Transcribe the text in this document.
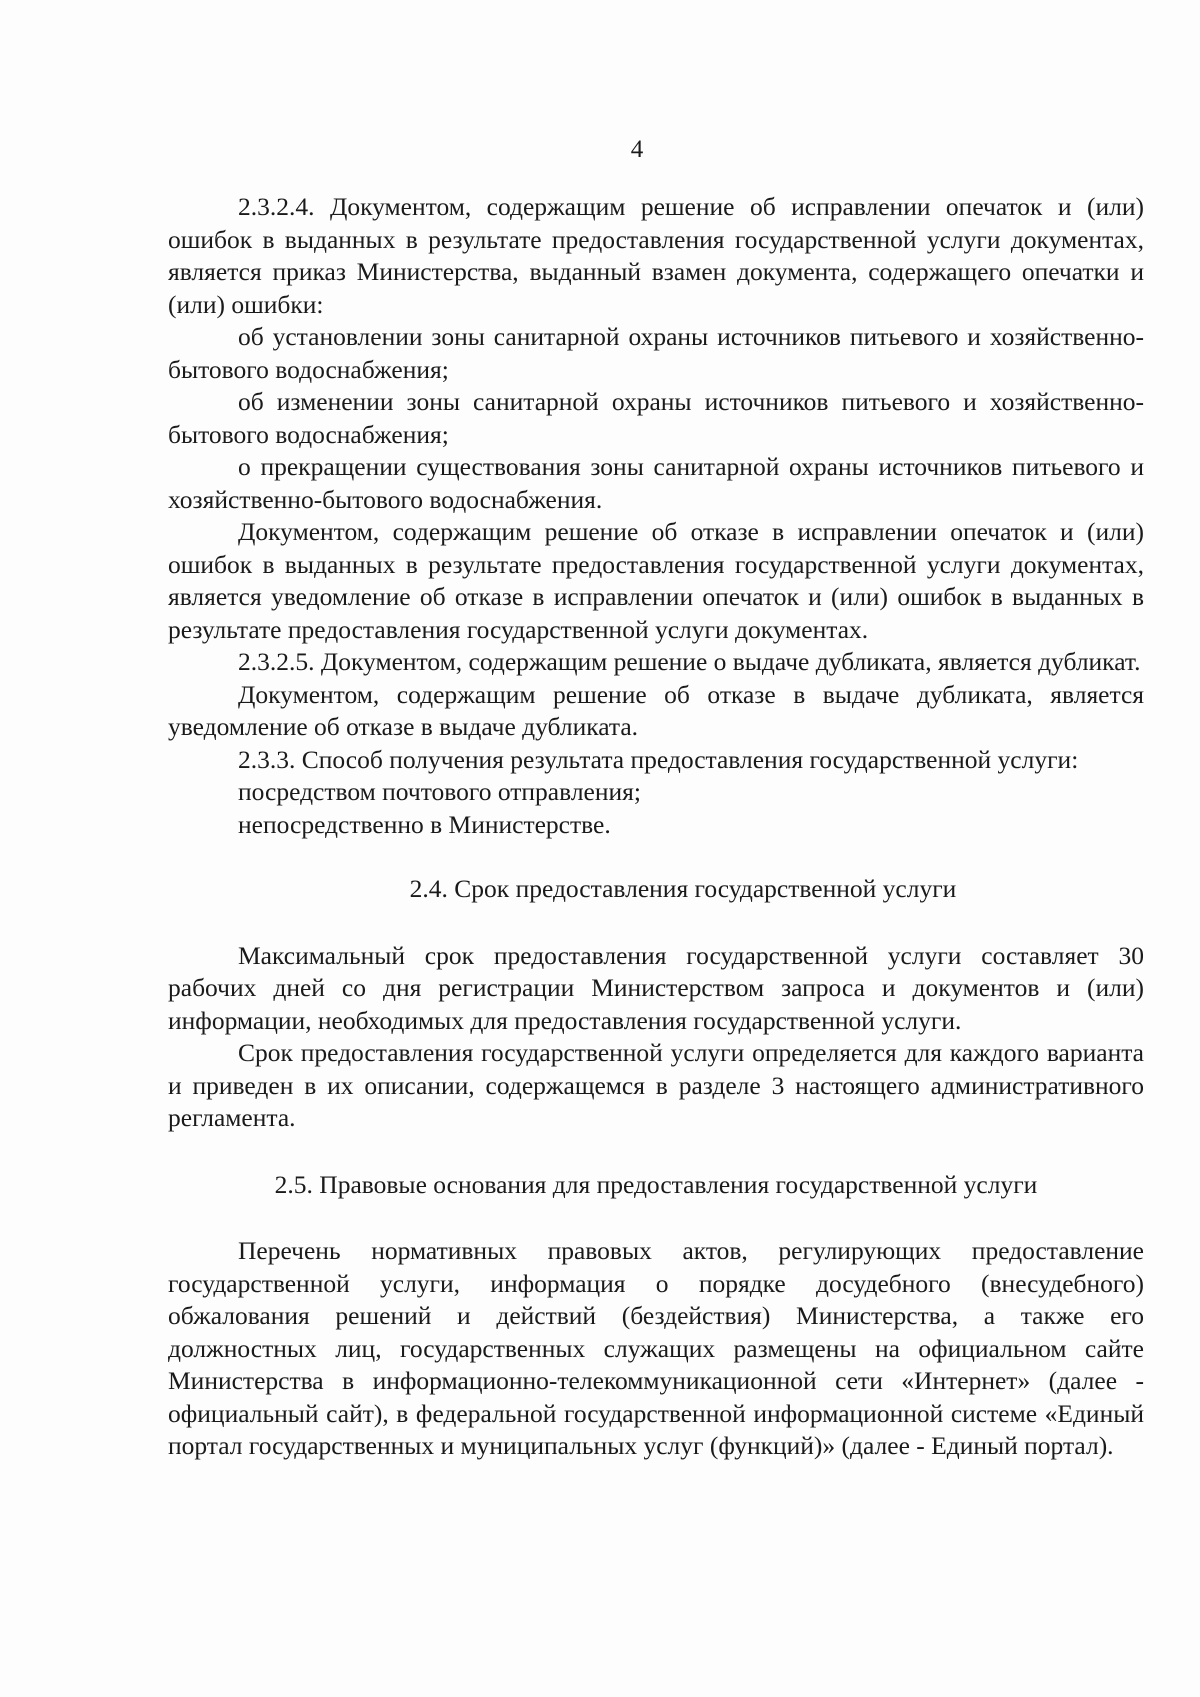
4

2.3.2.4. Документом, содержащим решение об исправлении опечаток и (или) ошибок в выданных в результате предоставления государственной услуги документах, является приказ Министерства, выданный взамен документа, содержащего опечатки и (или) ошибки:

об установлении зоны санитарной охраны источников питьевого и хозяйственно-бытового водоснабжения;

об изменении зоны санитарной охраны источников питьевого и хозяйственно-бытового водоснабжения;

о прекращении существования зоны санитарной охраны источников питьевого и хозяйственно-бытового водоснабжения.

Документом, содержащим решение об отказе в исправлении опечаток и (или) ошибок в выданных в результате предоставления государственной услуги документах, является уведомление об отказе в исправлении опечаток и (или) ошибок в выданных в результате предоставления государственной услуги документах.

2.3.2.5. Документом, содержащим решение о выдаче дубликата, является дубликат.

Документом, содержащим решение об отказе в выдаче дубликата, является уведомление об отказе в выдаче дубликата.

2.3.3. Способ получения результата предоставления государственной услуги:

посредством почтового отправления;

непосредственно в Министерстве.

2.4. Срок предоставления государственной услуги

Максимальный срок предоставления государственной услуги составляет 30 рабочих дней со дня регистрации Министерством запроса и документов и (или) информации, необходимых для предоставления государственной услуги.

Срок предоставления государственной услуги определяется для каждого варианта и приведен в их описании, содержащемся в разделе 3 настоящего административного регламента.

2.5. Правовые основания для предоставления государственной услуги

Перечень нормативных правовых актов, регулирующих предоставление государственной услуги, информация о порядке досудебного (внесудебного) обжалования решений и действий (бездействия) Министерства, а также его должностных лиц, государственных служащих размещены на официальном сайте Министерства в информационно-телекоммуникационной сети «Интернет» (далее - официальный сайт), в федеральной государственной информационной системе «Единый портал государственных и муниципальных услуг (функций)» (далее - Единый портал).
